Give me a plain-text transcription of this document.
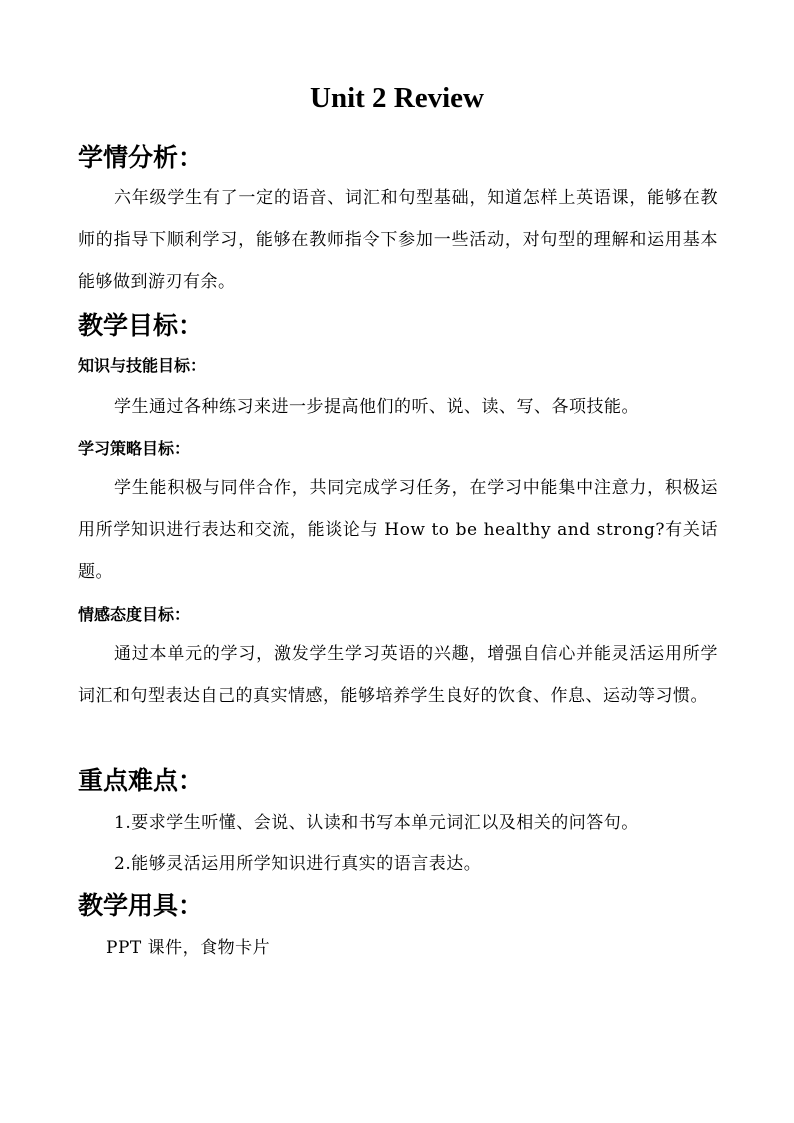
Unit 2 Review
学情分析：
六年级学生有了一定的语音、词汇和句型基础，知道怎样上英语课，能够在教师的指导下顺利学习，能够在教师指令下参加一些活动，对句型的理解和运用基本能够做到游刃有余。
教学目标：
知识与技能目标：
学生通过各种练习来进一步提高他们的听、说、读、写、各项技能。
学习策略目标：
学生能积极与同伴合作，共同完成学习任务，在学习中能集中注意力，积极运用所学知识进行表达和交流，能谈论与 How to be healthy and strong?有关话题。
情感态度目标：
通过本单元的学习，激发学生学习英语的兴趣，增强自信心并能灵活运用所学词汇和句型表达自己的真实情感，能够培养学生良好的饮食、作息、运动等习惯。
重点难点：
1.要求学生听懂、会说、认读和书写本单元词汇以及相关的问答句。
2.能够灵活运用所学知识进行真实的语言表达。
教学用具：
PPT 课件，食物卡片
